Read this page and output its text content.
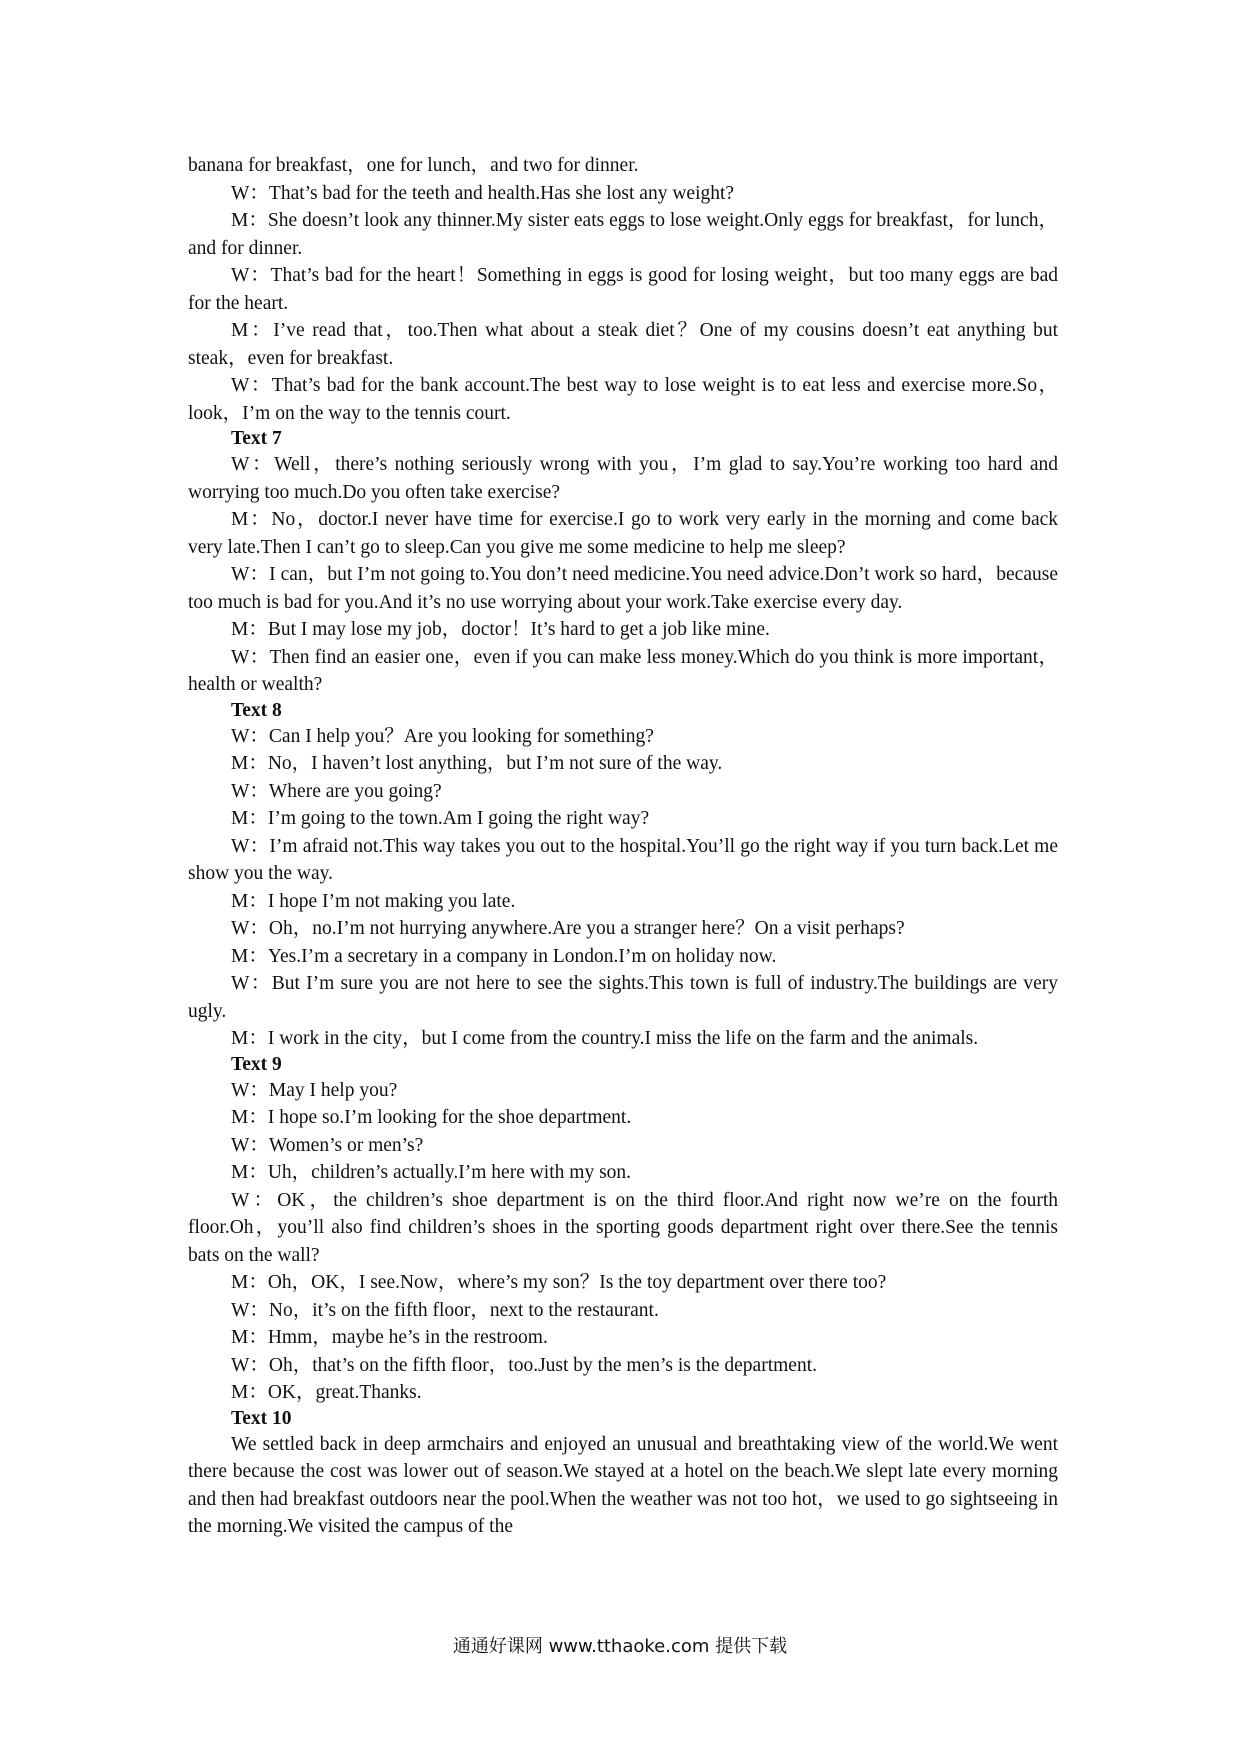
banana for breakfast，one for lunch，and two for dinner.
W：That’s bad for the teeth and health.Has she lost any weight?
M：She doesn’t look any thinner.My sister eats eggs to lose weight.Only eggs for breakfast，for lunch，and for dinner.
W：That’s bad for the heart！Something in eggs is good for losing weight，but too many eggs are bad for the heart.
M：I’ve read that，too.Then what about a steak diet？One of my cousins doesn’t eat anything but steak，even for breakfast.
W：That’s bad for the bank account.The best way to lose weight is to eat less and exercise more.So，look，I’m on the way to the tennis court.
Text 7
W：Well，there’s nothing seriously wrong with you，I’m glad to say.You’re working too hard and worrying too much.Do you often take exercise?
M：No，doctor.I never have time for exercise.I go to work very early in the morning and come back very late.Then I can’t go to sleep.Can you give me some medicine to help me sleep?
W：I can，but I’m not going to.You don’t need medicine.You need advice.Don’t work so hard，because too much is bad for you.And it’s no use worrying about your work.Take exercise every day.
M：But I may lose my job，doctor！It’s hard to get a job like mine.
W：Then find an easier one，even if you can make less money.Which do you think is more important，health or wealth?
Text 8
W：Can I help you？Are you looking for something?
M：No，I haven’t lost anything，but I’m not sure of the way.
W：Where are you going?
M：I’m going to the town.Am I going the right way?
W：I’m afraid not.This way takes you out to the hospital.You’ll go the right way if you turn back.Let me show you the way.
M：I hope I’m not making you late.
W：Oh，no.I’m not hurrying anywhere.Are you a stranger here？On a visit perhaps?
M：Yes.I’m a secretary in a company in London.I’m on holiday now.
W：But I’m sure you are not here to see the sights.This town is full of industry.The buildings are very ugly.
M：I work in the city，but I come from the country.I miss the life on the farm and the animals.
Text 9
W：May I help you?
M：I hope so.I’m looking for the shoe department.
W：Women’s or men’s?
M：Uh，children’s actually.I’m here with my son.
W：OK，the children’s shoe department is on the third floor.And right now we’re on the fourth floor.Oh，you’ll also find children’s shoes in the sporting goods department right over there.See the tennis bats on the wall?
M：Oh，OK，I see.Now，where’s my son？Is the toy department over there too?
W：No，it’s on the fifth floor，next to the restaurant.
M：Hmm，maybe he’s in the restroom.
W：Oh，that’s on the fifth floor，too.Just by the men’s is the department.
M：OK，great.Thanks.
Text 10
We settled back in deep armchairs and enjoyed an unusual and breathtaking view of the world.We went there because the cost was lower out of season.We stayed at a hotel on the beach.We slept late every morning and then had breakfast outdoors near the pool.When the weather was not too hot，we used to go sightseeing in the morning.We visited the campus of the
通通好课网 www.tthaoke.com 提供下载
